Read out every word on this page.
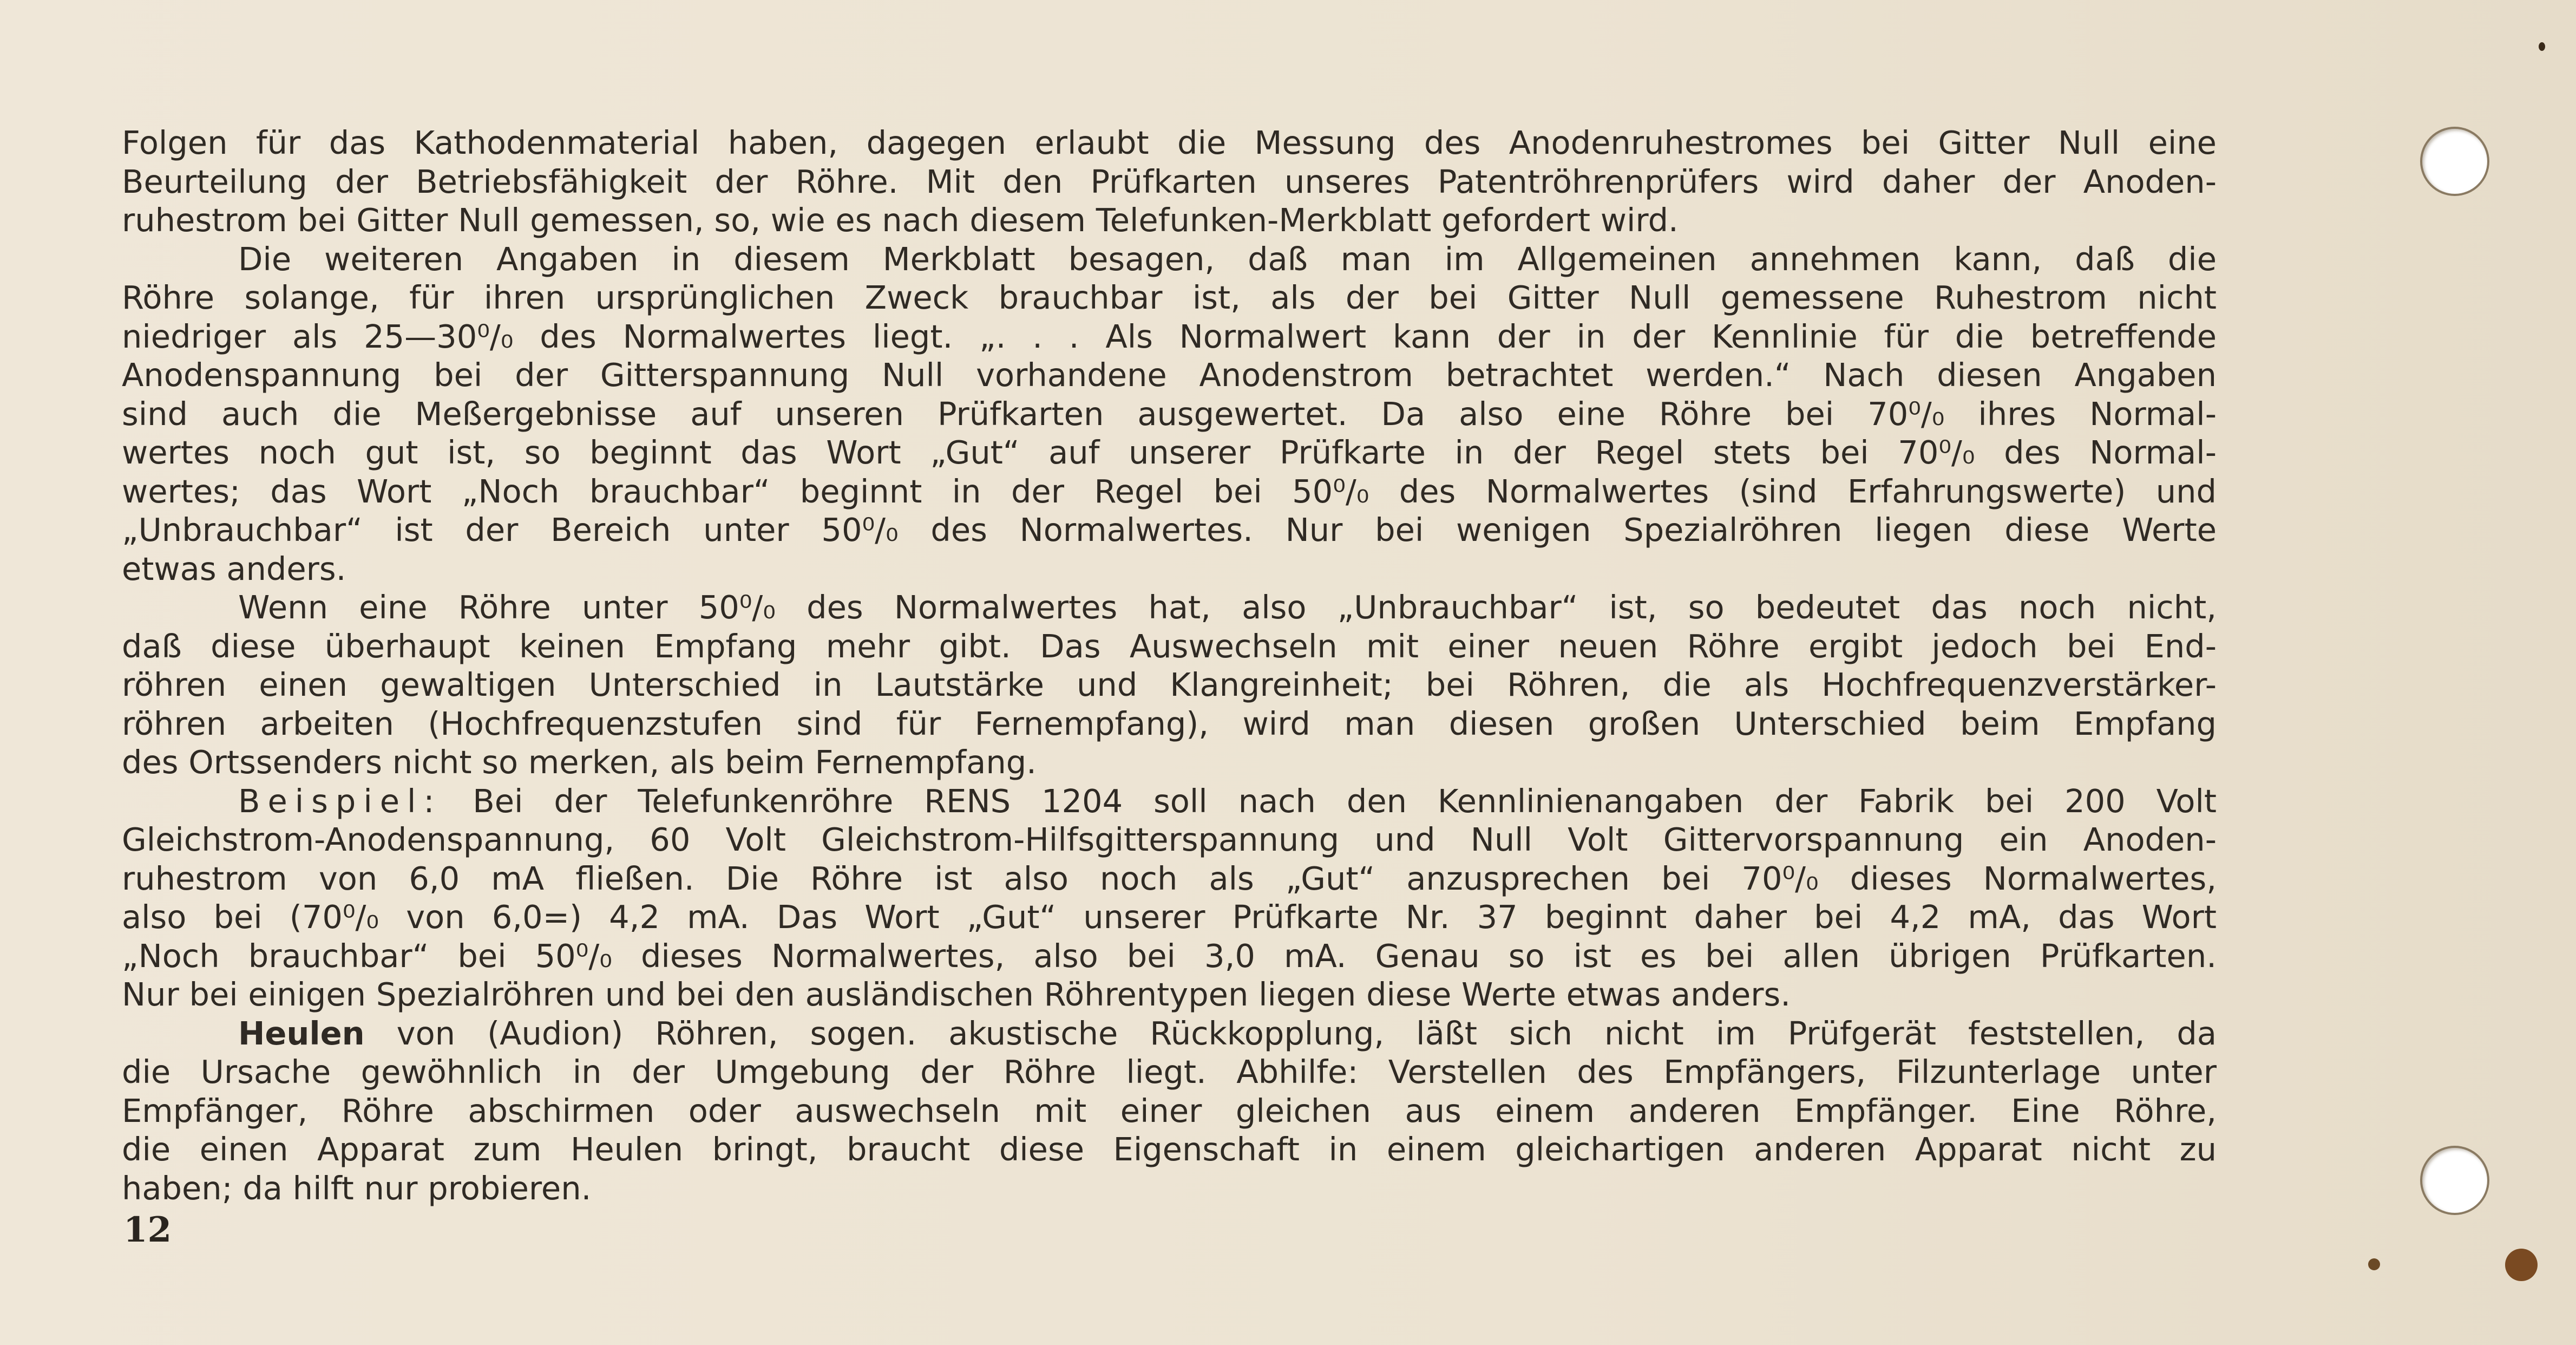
Folgen für das Kathodenmaterial haben, dagegen erlaubt die Messung des Anodenruhestromes bei Gitter Null eine
Beurteilung der Betriebsfähigkeit der Röhre. Mit den Prüfkarten unseres Patentröhrenprüfers wird daher der Anoden-
ruhestrom bei Gitter Null gemessen, so, wie es nach diesem Telefunken-Merkblatt gefordert wird.
Die weiteren Angaben in diesem Merkblatt besagen, daß man im Allgemeinen annehmen kann, daß die
Röhre solange, für ihren ursprünglichen Zweck brauchbar ist, als der bei Gitter Null gemessene Ruhestrom nicht
niedriger als 25—30⁰/₀ des Normalwertes liegt. „. . . Als Normalwert kann der in der Kennlinie für die betreffende
Anodenspannung bei der Gitterspannung Null vorhandene Anodenstrom betrachtet werden.“ Nach diesen Angaben
sind auch die Meßergebnisse auf unseren Prüfkarten ausgewertet. Da also eine Röhre bei 70⁰/₀ ihres Normal-
wertes noch gut ist, so beginnt das Wort „Gut“ auf unserer Prüfkarte in der Regel stets bei 70⁰/₀ des Normal-
wertes; das Wort „Noch brauchbar“ beginnt in der Regel bei 50⁰/₀ des Normalwertes (sind Erfahrungswerte) und
„Unbrauchbar“ ist der Bereich unter 50⁰/₀ des Normalwertes. Nur bei wenigen Spezialröhren liegen diese Werte
etwas anders.
Wenn eine Röhre unter 50⁰/₀ des Normalwertes hat, also „Unbrauchbar“ ist, so bedeutet das noch nicht,
daß diese überhaupt keinen Empfang mehr gibt. Das Auswechseln mit einer neuen Röhre ergibt jedoch bei End-
röhren einen gewaltigen Unterschied in Lautstärke und Klangreinheit; bei Röhren, die als Hochfrequenzverstärker-
röhren arbeiten (Hochfrequenzstufen sind für Fernempfang), wird man diesen großen Unterschied beim Empfang
des Ortssenders nicht so merken, als beim Fernempfang.
Beispiel: Bei der Telefunkenröhre RENS 1204 soll nach den Kennlinienangaben der Fabrik bei 200 Volt
Gleichstrom-Anodenspannung, 60 Volt Gleichstrom-Hilfsgitterspannung und Null Volt Gittervorspannung ein Anoden-
ruhestrom von 6,0 mA fließen. Die Röhre ist also noch als „Gut“ anzusprechen bei 70⁰/₀ dieses Normalwertes,
also bei (70⁰/₀ von 6,0=) 4,2 mA. Das Wort „Gut“ unserer Prüfkarte Nr. 37 beginnt daher bei 4,2 mA, das Wort
„Noch brauchbar“ bei 50⁰/₀ dieses Normalwertes, also bei 3,0 mA. Genau so ist es bei allen übrigen Prüfkarten.
Nur bei einigen Spezialröhren und bei den ausländischen Röhrentypen liegen diese Werte etwas anders.
Heulen von (Audion) Röhren, sogen. akustische Rückkopplung, läßt sich nicht im Prüfgerät feststellen, da
die Ursache gewöhnlich in der Umgebung der Röhre liegt. Abhilfe: Verstellen des Empfängers, Filzunterlage unter
Empfänger, Röhre abschirmen oder auswechseln mit einer gleichen aus einem anderen Empfänger. Eine Röhre,
die einen Apparat zum Heulen bringt, braucht diese Eigenschaft in einem gleichartigen anderen Apparat nicht zu
haben; da hilft nur probieren.
12
